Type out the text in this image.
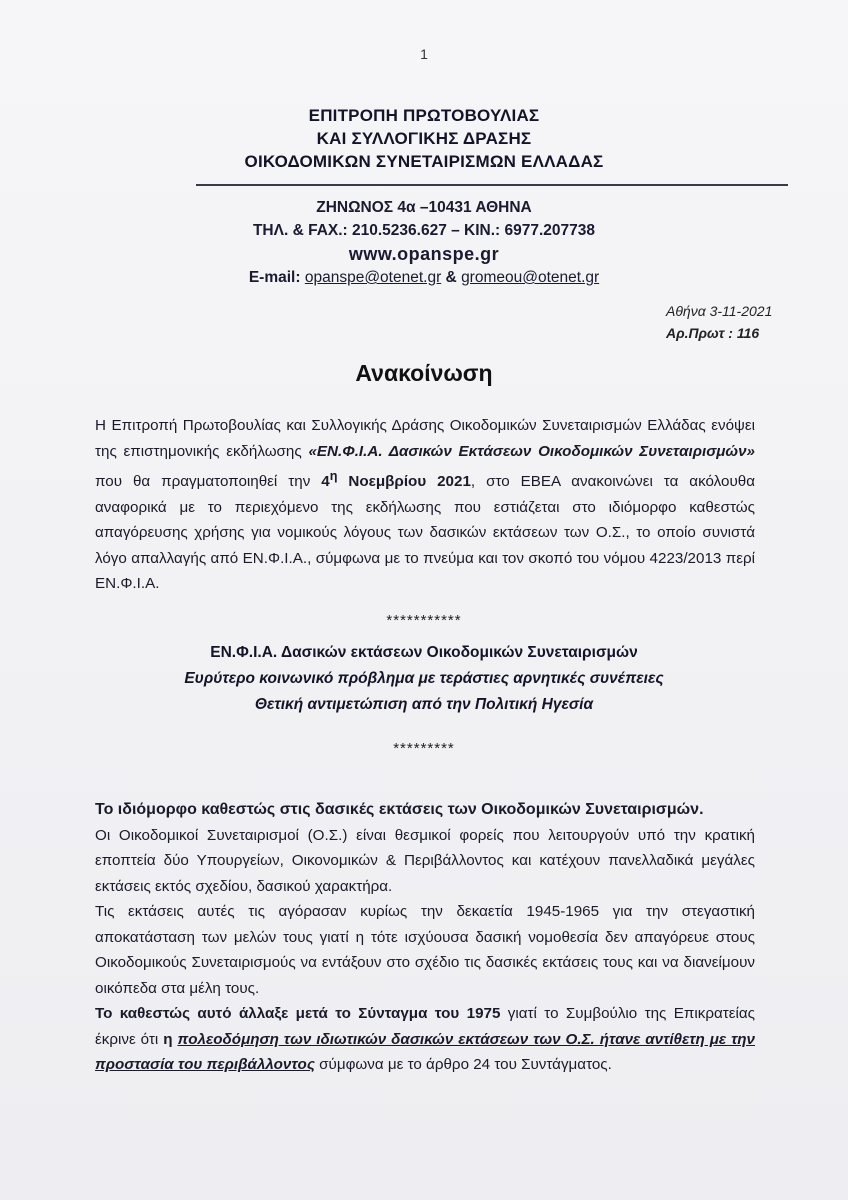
1
ΕΠΙΤΡΟΠΗ ΠΡΩΤΟΒΟΥΛΙΑΣ
ΚΑΙ ΣΥΛΛΟΓΙΚΗΣ ΔΡΑΣΗΣ
ΟΙΚΟΔΟΜΙΚΩΝ ΣΥΝΕΤΑΙΡΙΣΜΩΝ ΕΛΛΑΔΑΣ
ΖΗΝΩΝΟΣ 4α –10431 ΑΘΗΝΑ
ΤΗΛ. & FAX.: 210.5236.627 – ΚΙΝ.: 6977.207738
www.opanspe.gr
E-mail: opanspe@otenet.gr & gromeou@otenet.gr
Αθήνα 3-11-2021
Αρ.Πρωτ : 116
Ανακοίνωση
Η Επιτροπή Πρωτοβουλίας και Συλλογικής Δράσης Οικοδομικών Συνεταιρισμών Ελλάδας ενόψει της επιστημονικής εκδήλωσης «ΕΝ.Φ.Ι.Α. Δασικών Εκτάσεων Οικοδομικών Συνεταιρισμών» που θα πραγματοποιηθεί την $4^\eta$ Νοεμβρίου 2021, στο ΕΒΕΑ ανακοινώνει τα ακόλουθα αναφορικά με το περιεχόμενο της εκδήλωσης που εστιάζεται στο ιδιόμορφο καθεστώς απαγόρευσης χρήσης για νομικούς λόγους των δασικών εκτάσεων των Ο.Σ., το οποίο συνιστά λόγο απαλλαγής από ΕΝ.Φ.Ι.Α., σύμφωνα με το πνεύμα και τον σκοπό του νόμου 4223/2013 περί ΕΝ.Φ.Ι.Α.
***********
ΕΝ.Φ.Ι.Α. Δασικών εκτάσεων Οικοδομικών Συνεταιρισμών
Ευρύτερο κοινωνικό πρόβλημα με τεράστιες αρνητικές συνέπειες
Θετική αντιμετώπιση από την Πολιτική Ηγεσία
*********
Το ιδιόμορφο καθεστώς στις δασικές εκτάσεις των Οικοδομικών Συνεταιρισμών.
Οι Οικοδομικοί Συνεταιρισμοί (Ο.Σ.) είναι θεσμικοί φορείς που λειτουργούν υπό την κρατική εποπτεία δύο Υπουργείων, Οικονομικών & Περιβάλλοντος και κατέχουν πανελλαδικά μεγάλες εκτάσεις εκτός σχεδίου, δασικού χαρακτήρα.
Τις εκτάσεις αυτές τις αγόρασαν κυρίως την δεκαετία 1945-1965 για την στεγαστική αποκατάσταση των μελών τους γιατί η τότε ισχύουσα δασική νομοθεσία δεν απαγόρευε στους Οικοδομικούς Συνεταιρισμούς να εντάξουν στο σχέδιο τις δασικές εκτάσεις τους και να διανείμουν οικόπεδα στα μέλη τους.
Το καθεστώς αυτό άλλαξε μετά το Σύνταγμα του 1975 γιατί το Συμβούλιο της Επικρατείας έκρινε ότι η πολεοδόμηση των ιδιωτικών δασικών εκτάσεων των Ο.Σ. ήτανε αντίθετη με την προστασία του περιβάλλοντος σύμφωνα με το άρθρο 24 του Συντάγματος.
